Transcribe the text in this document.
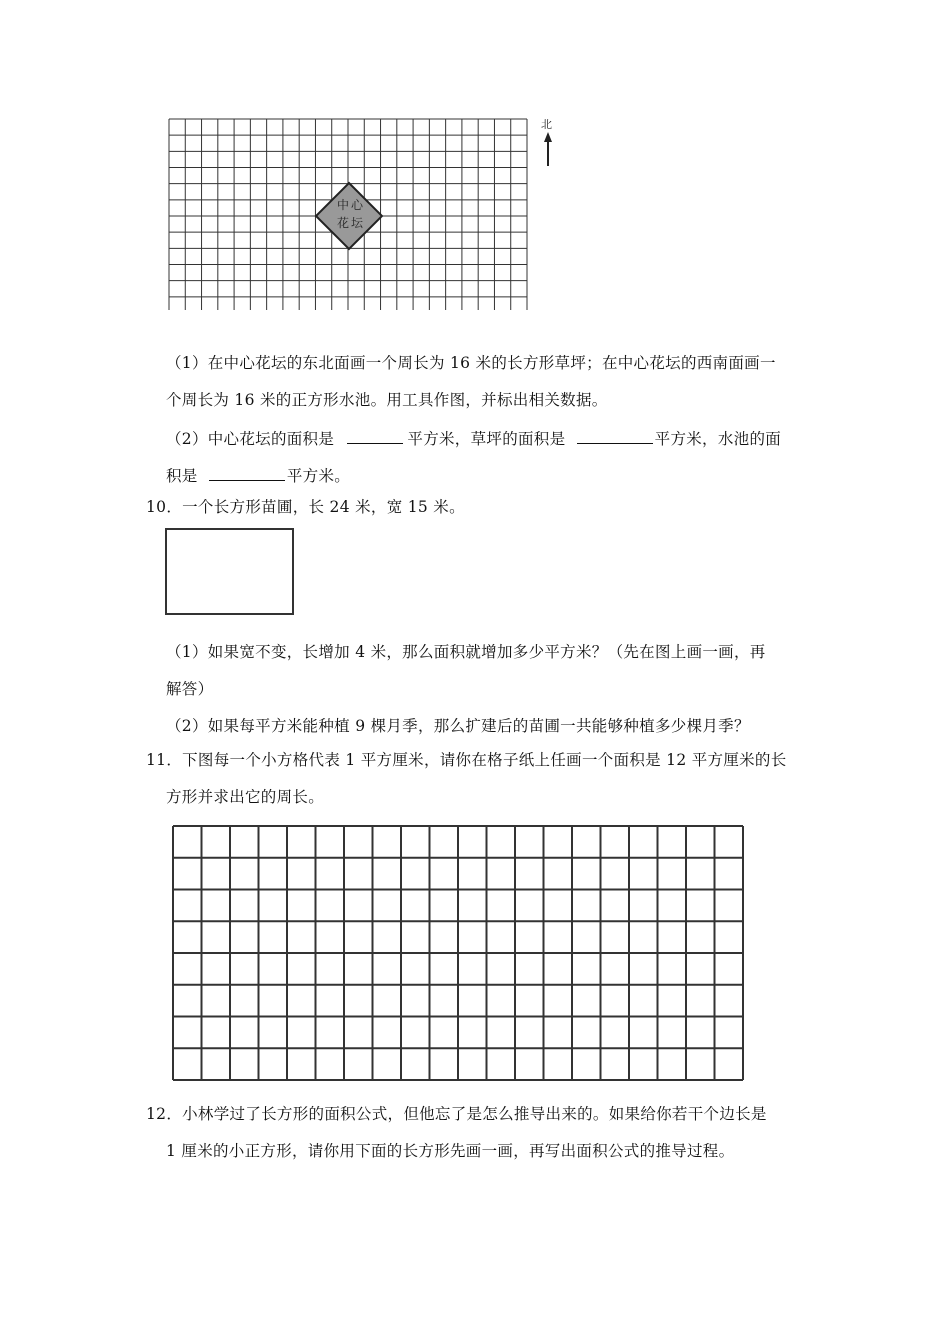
中 心
花 坛
北
（1）在中心花坛的东北面画一个周长为 16 米的长方形草坪；在中心花坛的西南面画一
个周长为 16 米的正方形水池。用工具作图，并标出相关数据。
（2）中心花坛的面积是	平方米，草坪的面积是	平方米，水池的面
积是	平方米。
10．一个长方形苗圃，长 24 米，宽 15 米。
（1）如果宽不变，长增加 4 米，那么面积就增加多少平方米？（先在图上画一画，再
解答）
（2）如果每平方米能种植 9 棵月季，那么扩建后的苗圃一共能够种植多少棵月季？
11．下图每一个小方格代表 1 平方厘米，请你在格子纸上任画一个面积是 12 平方厘米的长
方形并求出它的周长。
12．小林学过了长方形的面积公式，但他忘了是怎么推导出来的。如果给你若干个边长是
1 厘米的小正方形，请你用下面的长方形先画一画，再写出面积公式的推导过程。
